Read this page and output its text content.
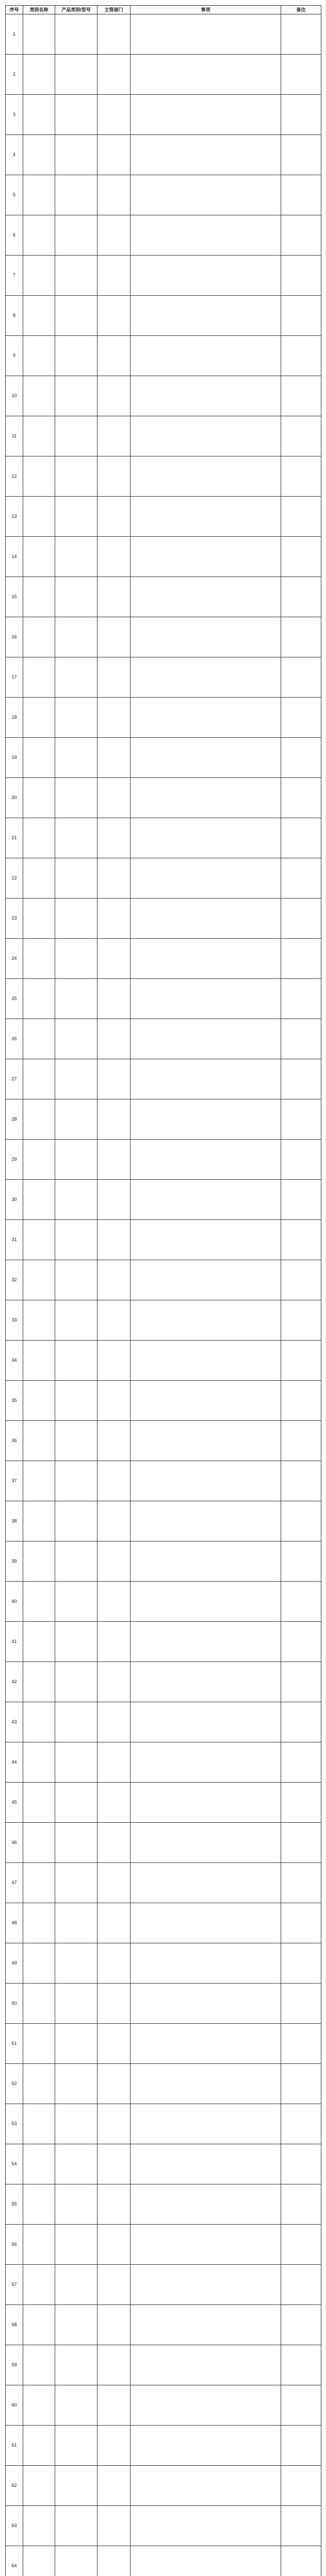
序号	类别名称	产品类别/型号	主管部门	事项	备注
1					
2					
3					
4					
5					
6					
7					
8					
9					
10					
11					
12					
13					
14					
15					
16					
17					
18					
19					
20					
21					
22					
23					
24					
25					
26					
27					
28					
29					
30					
31					
32					
33					
34					
35					
36					
37					
38					
39					
40					
41					
42					
43					
44					
45					
46					
47					
48					
49					
50					
51					
52					
53					
54					
55					
56					
57					
58					
59					
60					
61					
62					
63					
64					
